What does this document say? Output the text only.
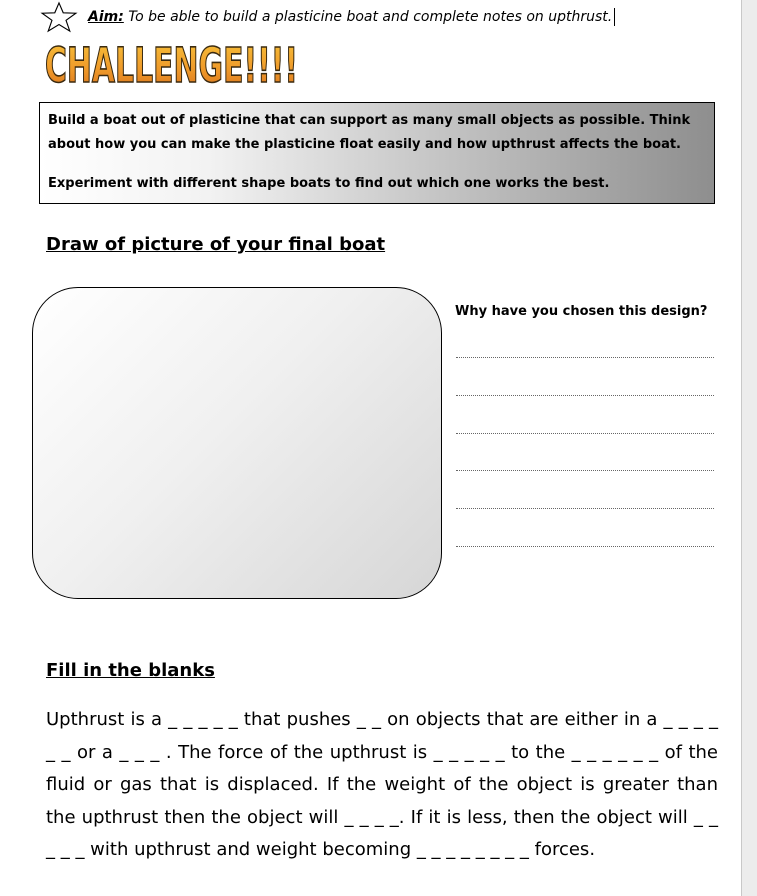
Aim: To be able to build a plasticine boat and complete notes on upthrust.
CHALLENGE!!!!

Build a boat out of plasticine that can support as many small objects as possible. Think about how you can make the plasticine float easily and how upthrust affects the boat.

Experiment with different shape boats to find out which one works the best.

Draw of picture of your final boat
Why have you chosen this design?
Fill in the blanks
Upthrust is a _ _ _ _ _ that pushes _ _ on objects that are either in a _ _ _ _ _ _ or a _ _ _ . The force of the upthrust is _ _ _ _ _ to the _ _ _ _ _ _ of the fluid or gas that is displaced. If the weight of the object is greater than the upthrust then the object will _ _ _ _. If it is less, then the object will _ _ _ _ _ with upthrust and weight becoming _ _ _ _ _ _ _ _ forces.
